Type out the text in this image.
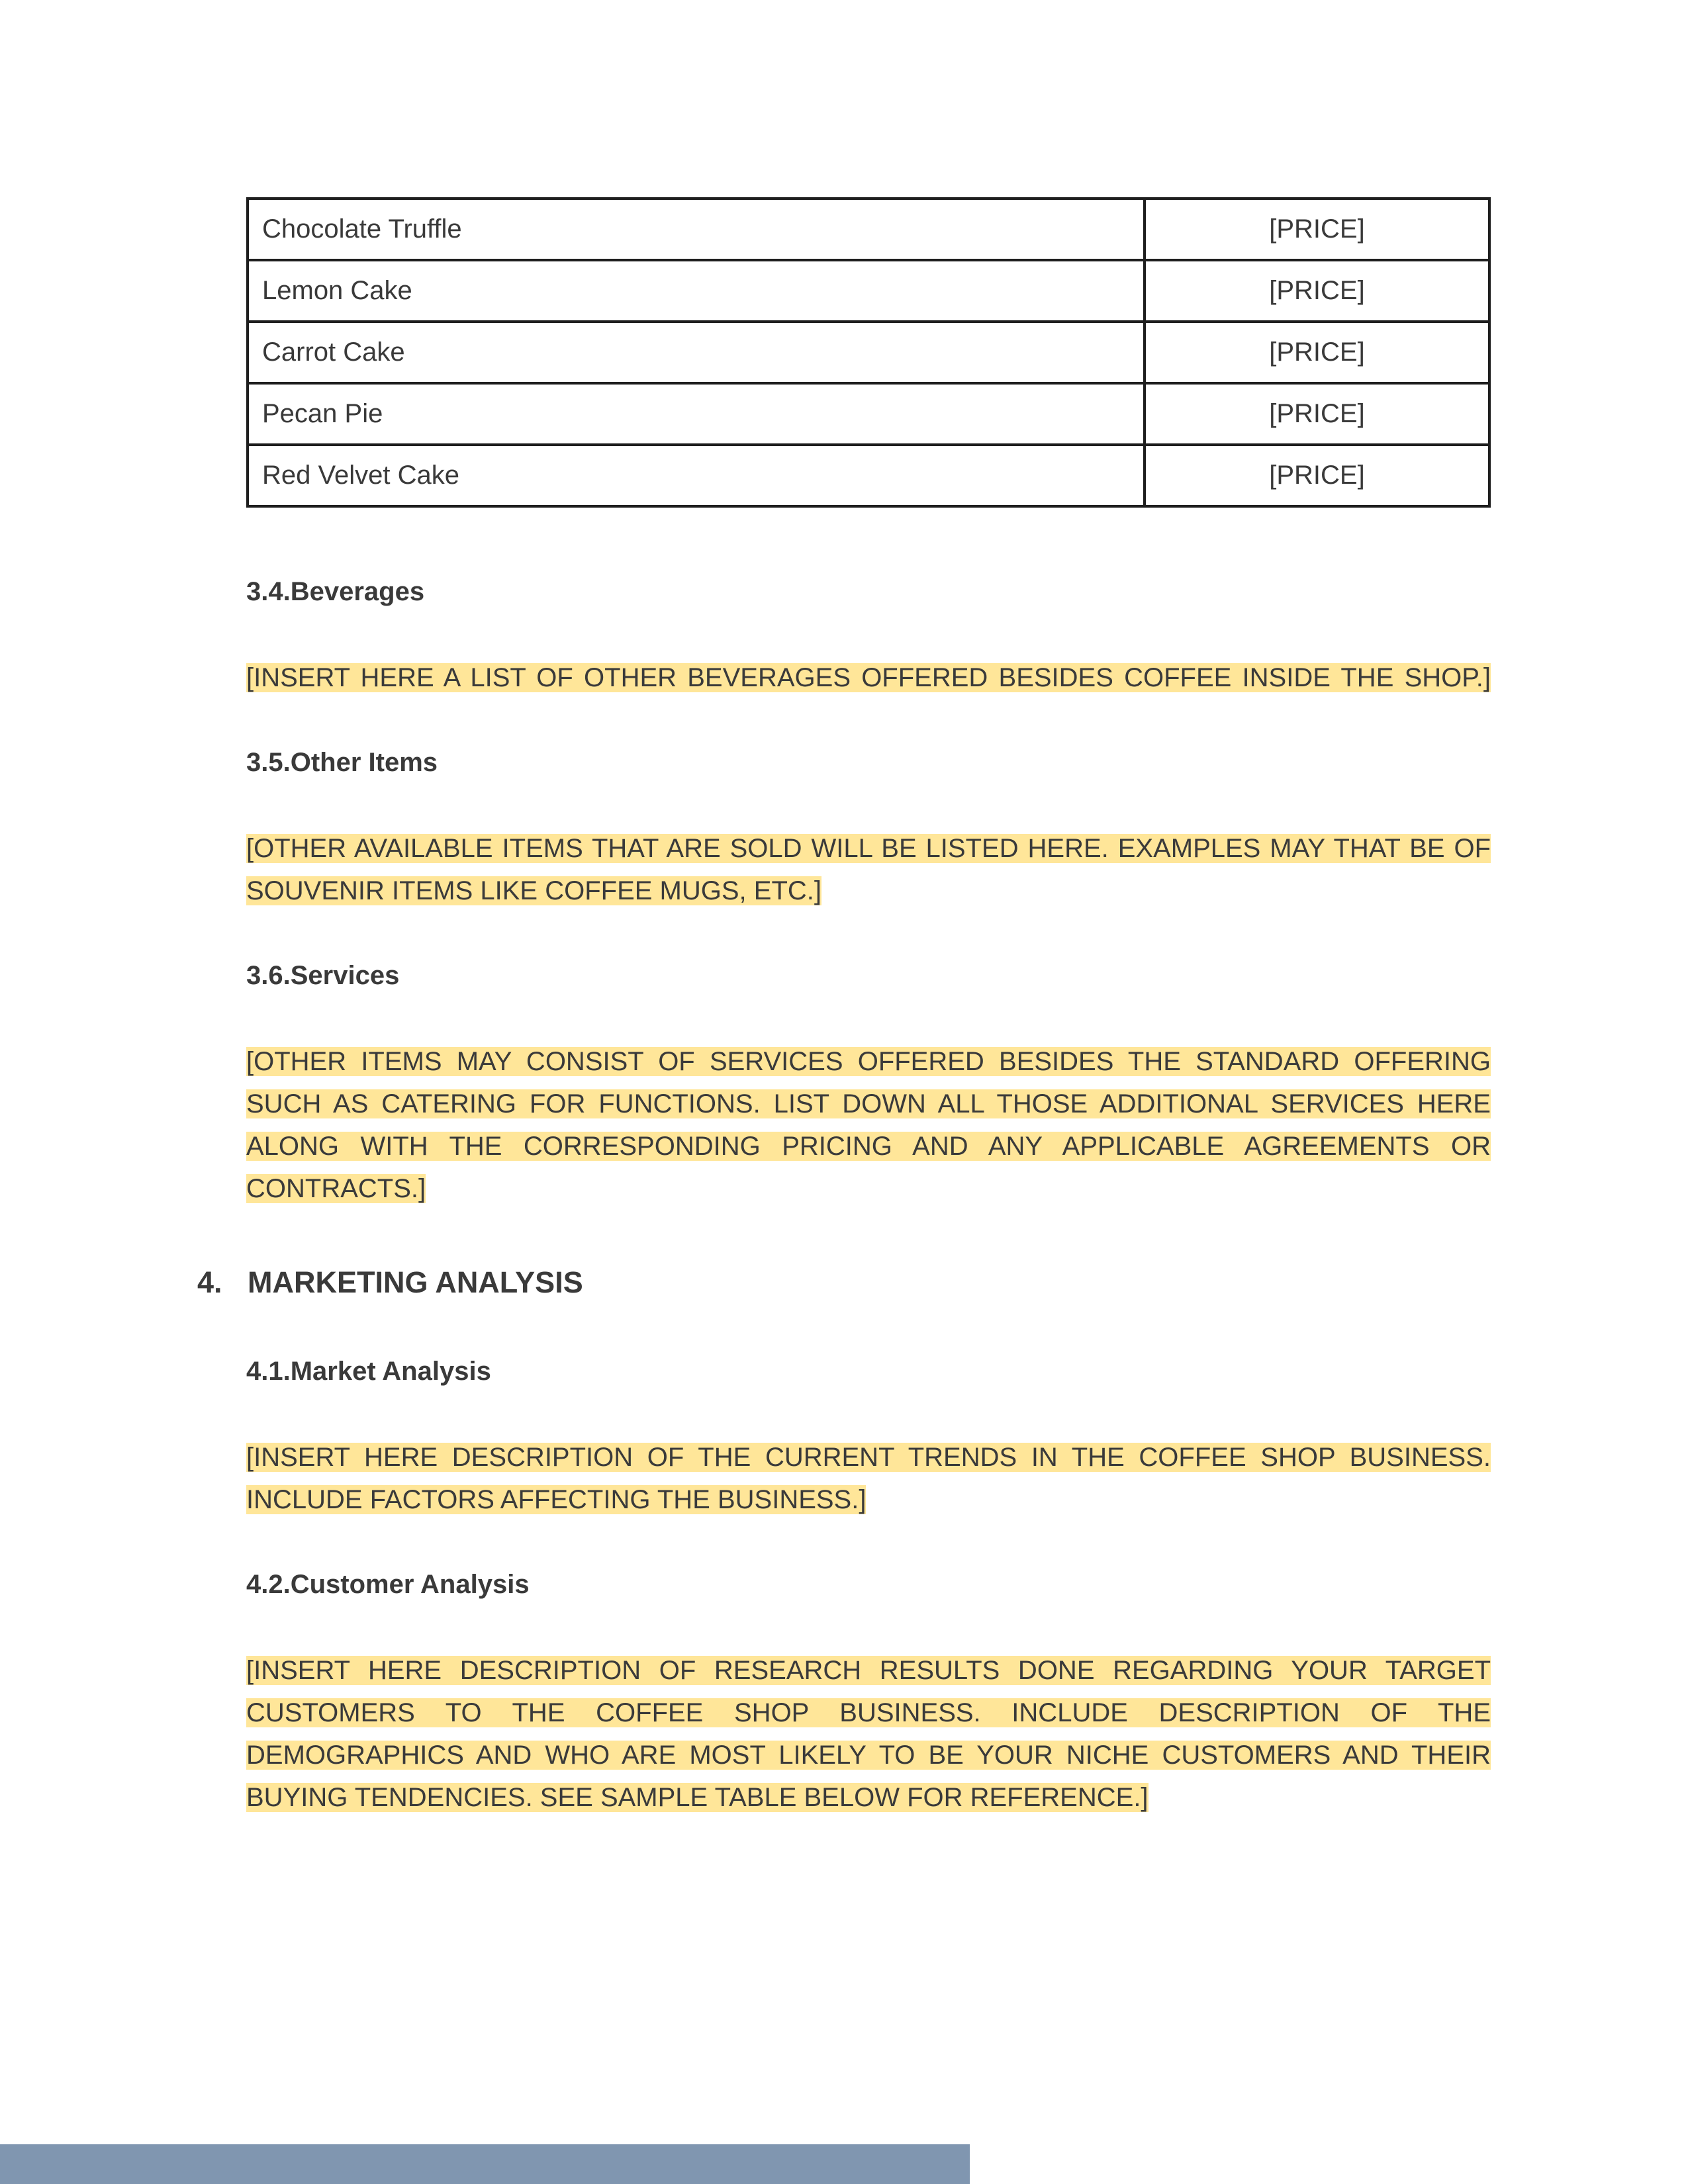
Chocolate Truffle	[PRICE]
Lemon Cake	[PRICE]
Carrot Cake	[PRICE]
Pecan Pie	[PRICE]
Red Velvet Cake	[PRICE]
3.4.Beverages
[INSERT HERE A LIST OF OTHER BEVERAGES OFFERED BESIDES COFFEE INSIDE THE SHOP.]
3.5.Other Items
[OTHER AVAILABLE ITEMS THAT ARE SOLD WILL BE LISTED HERE. EXAMPLES MAY THAT BE OF SOUVENIR ITEMS LIKE COFFEE MUGS, ETC.]
3.6.Services
[OTHER ITEMS MAY CONSIST OF SERVICES OFFERED BESIDES THE STANDARD OFFERING SUCH AS CATERING FOR FUNCTIONS. LIST DOWN ALL THOSE ADDITIONAL SERVICES HERE ALONG WITH THE CORRESPONDING PRICING AND ANY APPLICABLE AGREEMENTS OR CONTRACTS.]
4. MARKETING ANALYSIS
4.1.Market Analysis
[INSERT HERE DESCRIPTION OF THE CURRENT TRENDS IN THE COFFEE SHOP BUSINESS. INCLUDE FACTORS AFFECTING THE BUSINESS.]
4.2.Customer Analysis
[INSERT HERE DESCRIPTION OF RESEARCH RESULTS DONE REGARDING YOUR TARGET CUSTOMERS TO THE COFFEE SHOP BUSINESS. INCLUDE DESCRIPTION OF THE DEMOGRAPHICS AND WHO ARE MOST LIKELY TO BE YOUR NICHE CUSTOMERS AND THEIR BUYING TENDENCIES. SEE SAMPLE TABLE BELOW FOR REFERENCE.]
